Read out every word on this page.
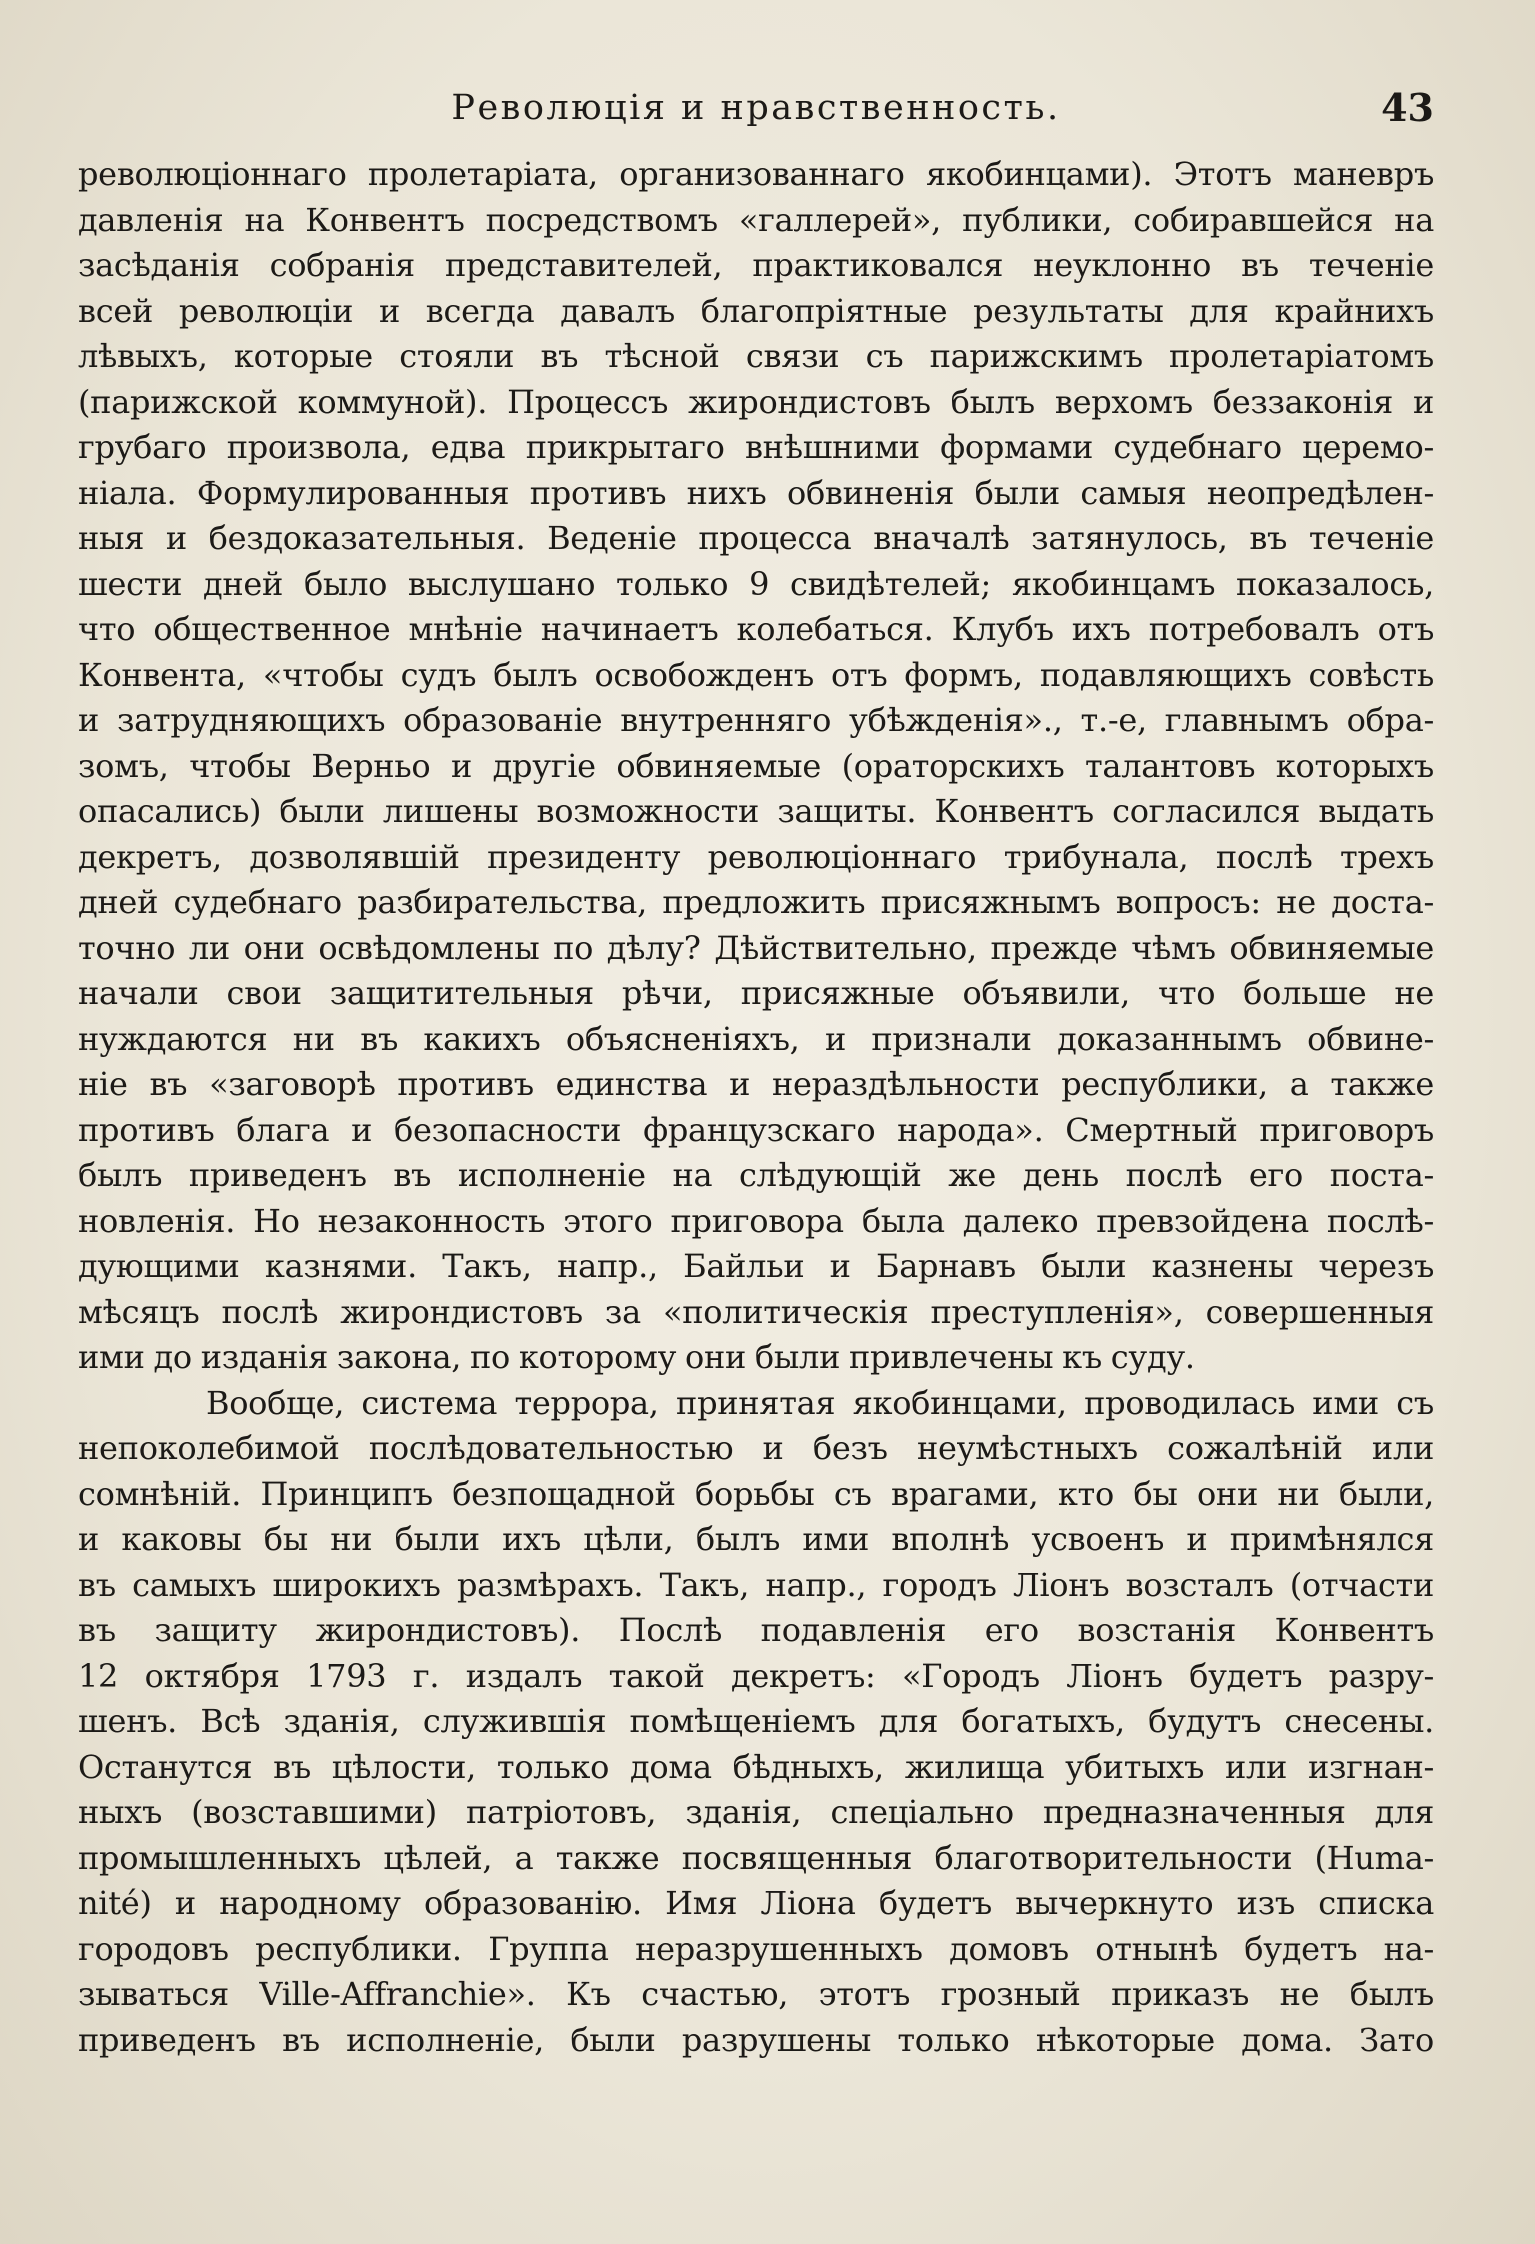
Революція и нравственность.	43

революціоннаго пролетаріата, организованнаго якобинцами). Этотъ маневръ
давленія на Конвентъ посредствомъ «галлерей», публики, собиравшейся на
засѣданія собранія представителей, практиковался неуклонно въ теченіе
всей революціи и всегда давалъ благопріятные результаты для крайнихъ
лѣвыхъ, которые стояли въ тѣсной связи съ парижскимъ пролетаріатомъ
(парижской коммуной). Процессъ жирондистовъ былъ верхомъ беззаконія и
грубаго произвола, едва прикрытаго внѣшними формами судебнаго церемо-
ніала. Формулированныя противъ нихъ обвиненія были самыя неопредѣлен-
ныя и бездоказательныя. Веденіе процесса вначалѣ затянулось, въ теченіе
шести дней было выслушано только 9 свидѣтелей; якобинцамъ показалось,
что общественное мнѣніе начинаетъ колебаться. Клубъ ихъ потребовалъ отъ
Конвента, «чтобы судъ былъ освобожденъ отъ формъ, подавляющихъ совѣсть
и затрудняющихъ образованіе внутренняго убѣжденія»., т.-е, главнымъ обра-
зомъ, чтобы Верньо и другіе обвиняемые (ораторскихъ талантовъ которыхъ
опасались) были лишены возможности защиты. Конвентъ согласился выдать
декретъ, дозволявшій президенту революціоннаго трибунала, послѣ трехъ
дней судебнаго разбирательства, предложить присяжнымъ вопросъ: не доста-
точно ли они освѣдомлены по дѣлу? Дѣйствительно, прежде чѣмъ обвиняемые
начали свои защитительныя рѣчи, присяжные объявили, что больше не
нуждаются ни въ какихъ объясненіяхъ, и признали доказаннымъ обвине-
ніе въ «заговорѣ противъ единства и нераздѣльности республики, а также
противъ блага и безопасности французскаго народа». Смертный приговоръ
былъ приведенъ въ исполненіе на слѣдующій же день послѣ его поста-
новленія. Но незаконность этого приговора была далеко превзойдена послѣ-
дующими казнями. Такъ, напр., Байльи и Барнавъ были казнены черезъ
мѣсяцъ послѣ жирондистовъ за «политическія преступленія», совершенныя
ими до изданія закона, по которому они были привлечены къ суду.

Вообще, система террора, принятая якобинцами, проводилась ими съ
непоколебимой послѣдовательностью и безъ неумѣстныхъ сожалѣній или
сомнѣній. Принципъ безпощадной борьбы съ врагами, кто бы они ни были,
и каковы бы ни были ихъ цѣли, былъ ими вполнѣ усвоенъ и примѣнялся
въ самыхъ широкихъ размѣрахъ. Такъ, напр., городъ Ліонъ возсталъ (отчасти
въ защиту жирондистовъ). Послѣ подавленія его возстанія Конвентъ
12 октября 1793 г. издалъ такой декретъ: «Городъ Ліонъ будетъ разру-
шенъ. Всѣ зданія, служившія помѣщеніемъ для богатыхъ, будутъ снесены.
Останутся въ цѣлости, только дома бѣдныхъ, жилища убитыхъ или изгнан-
ныхъ (возставшими) патріотовъ, зданія, спеціально предназначенныя для
промышленныхъ цѣлей, а также посвященныя благотворительности (Huma-
nité) и народному образованію. Имя Ліона будетъ вычеркнуто изъ списка
городовъ республики. Группа неразрушенныхъ домовъ отнынѣ будетъ на-
зываться Ville-Affranchie». Къ счастью, этотъ грозный приказъ не былъ
приведенъ въ исполненіе, были разрушены только нѣкоторые дома. Зато
